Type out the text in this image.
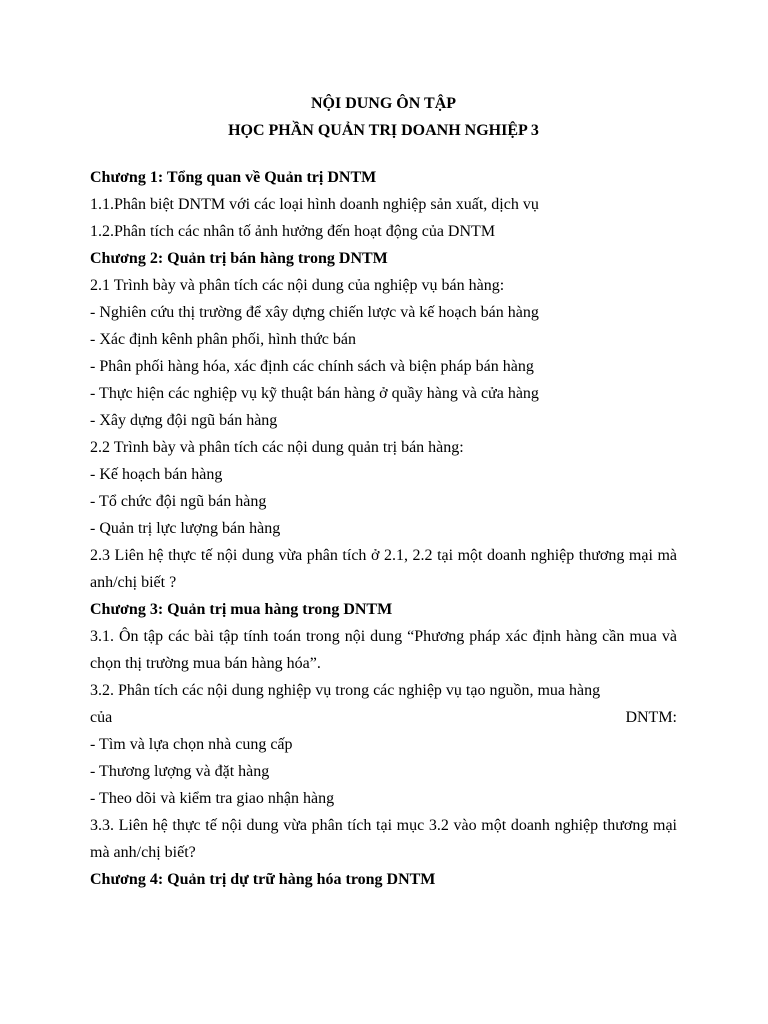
NỘI DUNG ÔN TẬP
HỌC PHẦN QUẢN TRỊ DOANH NGHIỆP 3
Chương 1: Tổng quan về Quản trị DNTM
1.1.Phân biệt DNTM với các loại hình doanh nghiệp sản xuất, dịch vụ
1.2.Phân tích các nhân tố ảnh hưởng đến hoạt động của DNTM
Chương 2: Quản trị bán hàng trong DNTM
2.1 Trình bày và phân tích các nội dung của nghiệp vụ bán hàng:
- Nghiên cứu thị trường để xây dựng chiến lược và kế hoạch bán hàng
- Xác định kênh phân phối, hình thức bán
- Phân phối hàng hóa, xác định các chính sách và biện pháp bán hàng
- Thực hiện các nghiệp vụ kỹ thuật bán hàng ở quầy hàng và cửa hàng
- Xây dựng đội ngũ bán hàng
2.2 Trình bày và phân tích các nội dung quản trị bán hàng:
- Kế hoạch bán hàng
- Tổ chức đội ngũ bán hàng
- Quản trị lực lượng bán hàng
2.3 Liên hệ thực tế nội dung vừa phân tích ở 2.1, 2.2 tại một doanh nghiệp thương mại mà anh/chị biết ?
Chương 3: Quản trị mua hàng trong DNTM
3.1. Ôn tập các bài tập tính toán trong nội dung “Phương pháp xác định hàng cần mua và chọn thị trường mua bán hàng hóa”.
3.2. Phân tích các nội dung nghiệp vụ trong các nghiệp vụ tạo nguồn, mua hàng
của	DNTM:
- Tìm và lựa chọn nhà cung cấp
- Thương lượng và đặt hàng
- Theo dõi và kiểm tra giao nhận hàng
3.3. Liên hệ thực tế nội dung vừa phân tích tại mục 3.2 vào một doanh nghiệp thương mại mà anh/chị biết?
Chương 4: Quản trị dự trữ hàng hóa trong DNTM
